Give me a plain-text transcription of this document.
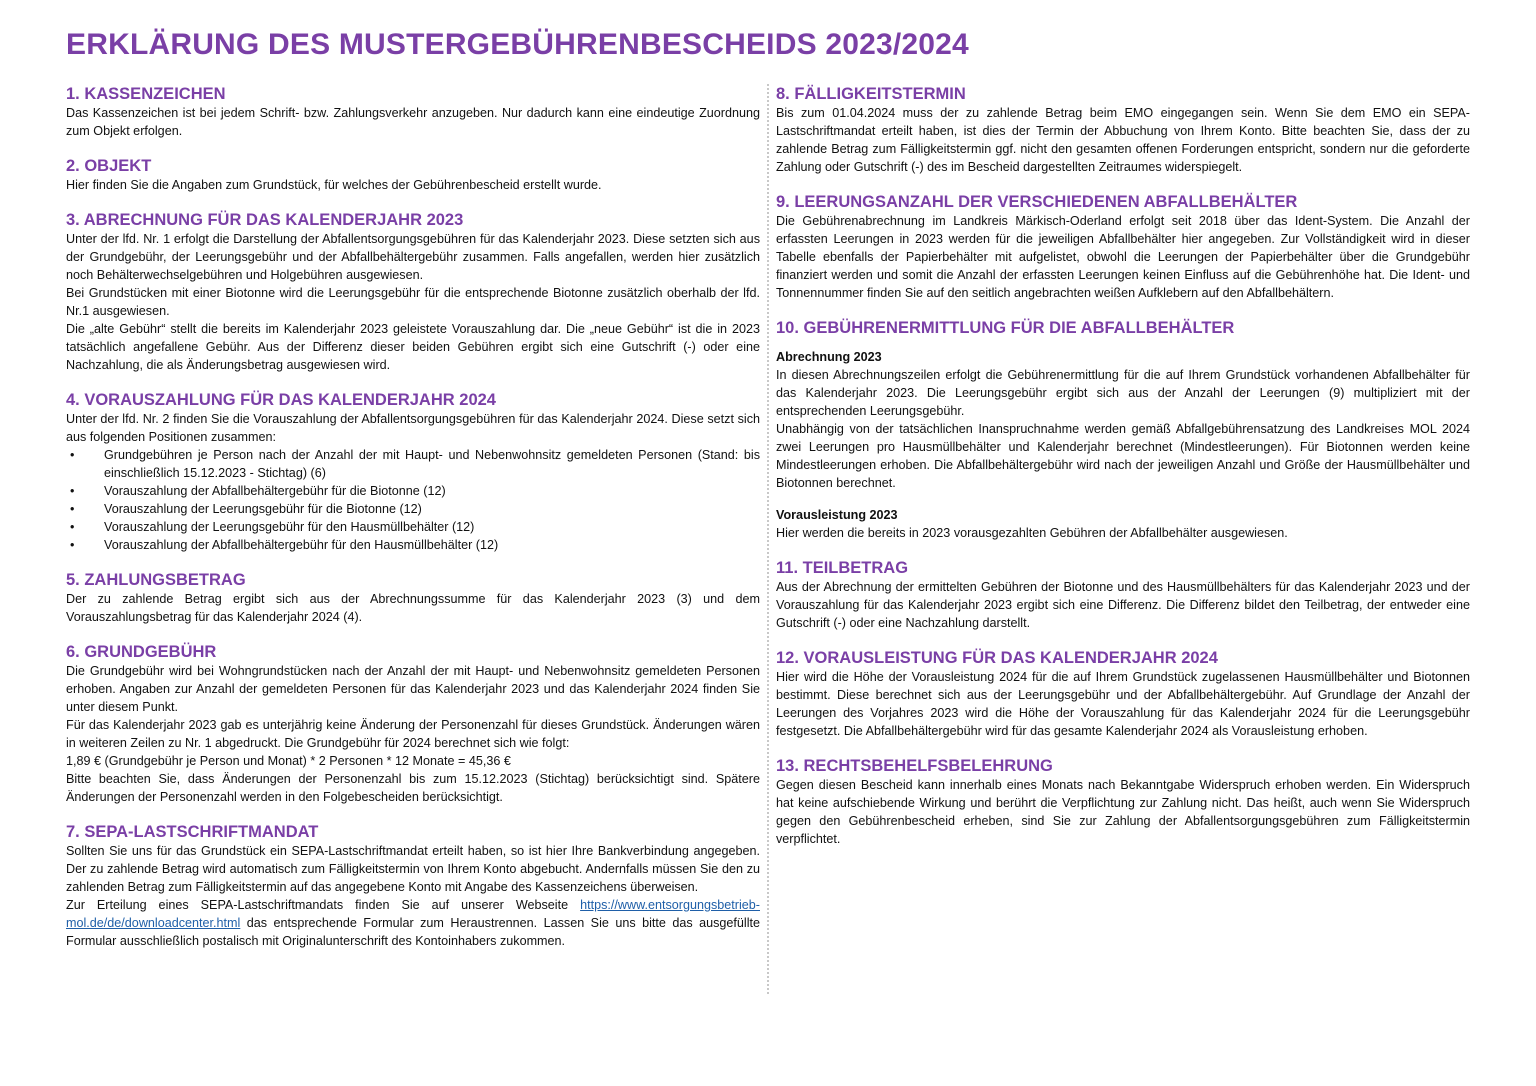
ERKLÄRUNG DES MUSTERGEBÜHRENBESCHEIDS 2023/2024
1. KASSENZEICHEN

Das Kassenzeichen ist bei jedem Schrift- bzw. Zahlungsverkehr anzugeben. Nur dadurch kann eine eindeutige Zuordnung zum Objekt erfolgen.

2. OBJEKT

Hier finden Sie die Angaben zum Grundstück, für welches der Gebührenbescheid erstellt wurde.

3. ABRECHNUNG FÜR DAS KALENDERJAHR 2023

Unter der lfd. Nr. 1 erfolgt die Darstellung der Abfallentsorgungsgebühren für das Kalenderjahr 2023. Diese setzten sich aus der Grundgebühr, der Leerungsgebühr und der Abfallbehältergebühr zusammen. Falls angefallen, werden hier zusätzlich noch Behälterwechselgebühren und Holgebühren ausgewiesen.

Bei Grundstücken mit einer Biotonne wird die Leerungsgebühr für die entsprechende Biotonne zusätzlich oberhalb der lfd. Nr.1 ausgewiesen.

Die „alte Gebühr“ stellt die bereits im Kalenderjahr 2023 geleistete Vorauszahlung dar. Die „neue Gebühr“ ist die in 2023 tatsächlich angefallene Gebühr. Aus der Differenz dieser beiden Gebühren ergibt sich eine Gutschrift (-) oder eine Nachzahlung, die als Änderungsbetrag ausgewiesen wird.

4. VORAUSZAHLUNG FÜR DAS KALENDERJAHR 2024

Unter der lfd. Nr. 2 finden Sie die Vorauszahlung der Abfallentsorgungsgebühren für das Kalenderjahr 2024. Diese setzt sich aus folgenden Positionen zusammen:

• Grundgebühren je Person nach der Anzahl der mit Haupt- und Nebenwohnsitz gemeldeten Personen (Stand: bis einschließlich 15.12.2023 - Stichtag) (6)
• Vorauszahlung der Abfallbehältergebühr für die Biotonne (12)
• Vorauszahlung der Leerungsgebühr für die Biotonne (12)
• Vorauszahlung der Leerungsgebühr für den Hausmüllbehälter (12)
• Vorauszahlung der Abfallbehältergebühr für den Hausmüllbehälter (12)
5. ZAHLUNGSBETRAG

Der zu zahlende Betrag ergibt sich aus der Abrechnungssumme für das Kalenderjahr 2023 (3) und dem Vorauszahlungsbetrag für das Kalenderjahr 2024 (4).

6. GRUNDGEBÜHR

Die Grundgebühr wird bei Wohngrundstücken nach der Anzahl der mit Haupt- und Nebenwohnsitz gemeldeten Personen erhoben. Angaben zur Anzahl der gemeldeten Personen für das Kalenderjahr 2023 und das Kalenderjahr 2024 finden Sie unter diesem Punkt.

Für das Kalenderjahr 2023 gab es unterjährig keine Änderung der Personenzahl für dieses Grundstück. Änderungen wären in weiteren Zeilen zu Nr. 1 abgedruckt. Die Grundgebühr für 2024 berechnet sich wie folgt:

1,89 € (Grundgebühr je Person und Monat) * 2 Personen * 12 Monate = 45,36 €

Bitte beachten Sie, dass Änderungen der Personenzahl bis zum 15.12.2023 (Stichtag) berücksichtigt sind. Spätere Änderungen der Personenzahl werden in den Folgebescheiden berücksichtigt.

7. SEPA-LASTSCHRIFTMANDAT

Sollten Sie uns für das Grundstück ein SEPA-Lastschriftmandat erteilt haben, so ist hier Ihre Bankverbindung angegeben. Der zu zahlende Betrag wird automatisch zum Fälligkeitstermin von Ihrem Konto abgebucht. Andernfalls müssen Sie den zu zahlenden Betrag zum Fälligkeitstermin auf das angegebene Konto mit Angabe des Kassenzeichens überweisen.

Zur Erteilung eines SEPA-Lastschriftmandats finden Sie auf unserer Webseite https://www.entsorgungsbetrieb-mol.de/de/downloadcenter.html das entsprechende Formular zum Heraustrennen. Lassen Sie uns bitte das ausgefüllte Formular ausschließlich postalisch mit Originalunterschrift des Kontoinhabers zukommen.

8. FÄLLIGKEITSTERMIN

Bis zum 01.04.2024 muss der zu zahlende Betrag beim EMO eingegangen sein. Wenn Sie dem EMO ein SEPA-Lastschriftmandat erteilt haben, ist dies der Termin der Abbuchung von Ihrem Konto. Bitte beachten Sie, dass der zu zahlende Betrag zum Fälligkeitstermin ggf. nicht den gesamten offenen Forderungen entspricht, sondern nur die geforderte Zahlung oder Gutschrift (-) des im Bescheid dargestellten Zeitraumes widerspiegelt.

9. LEERUNGSANZAHL DER VERSCHIEDENEN ABFALLBEHÄLTER

Die Gebührenabrechnung im Landkreis Märkisch-Oderland erfolgt seit 2018 über das Ident-System. Die Anzahl der erfassten Leerungen in 2023 werden für die jeweiligen Abfallbehälter hier angegeben. Zur Vollständigkeit wird in dieser Tabelle ebenfalls der Papierbehälter mit aufgelistet, obwohl die Leerungen der Papierbehälter über die Grundgebühr finanziert werden und somit die Anzahl der erfassten Leerungen keinen Einfluss auf die Gebührenhöhe hat. Die Ident- und Tonnennummer finden Sie auf den seitlich angebrachten weißen Aufklebern auf den Abfallbehältern.

10. GEBÜHRENERMITTLUNG FÜR DIE ABFALLBEHÄLTER
Abrechnung 2023

In diesen Abrechnungszeilen erfolgt die Gebührenermittlung für die auf Ihrem Grundstück vorhandenen Abfallbehälter für das Kalenderjahr 2023. Die Leerungsgebühr ergibt sich aus der Anzahl der Leerungen (9) multipliziert mit der entsprechenden Leerungsgebühr.

Unabhängig von der tatsächlichen Inanspruchnahme werden gemäß Abfallgebührensatzung des Landkreises MOL 2024 zwei Leerungen pro Hausmüllbehälter und Kalenderjahr berechnet (Mindestleerungen). Für Biotonnen werden keine Mindestleerungen erhoben. Die Abfallbehältergebühr wird nach der jeweiligen Anzahl und Größe der Hausmüllbehälter und Biotonnen berechnet.

Vorausleistung 2023

Hier werden die bereits in 2023 vorausgezahlten Gebühren der Abfallbehälter ausgewiesen.

11. TEILBETRAG

Aus der Abrechnung der ermittelten Gebühren der Biotonne und des Hausmüllbehälters für das Kalenderjahr 2023 und der Vorauszahlung für das Kalenderjahr 2023 ergibt sich eine Differenz. Die Differenz bildet den Teilbetrag, der entweder eine Gutschrift (-) oder eine Nachzahlung darstellt.

12. VORAUSLEISTUNG FÜR DAS KALENDERJAHR 2024

Hier wird die Höhe der Vorausleistung 2024 für die auf Ihrem Grundstück zugelassenen Hausmüllbehälter und Biotonnen bestimmt. Diese berechnet sich aus der Leerungsgebühr und der Abfallbehältergebühr. Auf Grundlage der Anzahl der Leerungen des Vorjahres 2023 wird die Höhe der Vorauszahlung für das Kalenderjahr 2024 für die Leerungsgebühr festgesetzt. Die Abfallbehältergebühr wird für das gesamte Kalenderjahr 2024 als Vorausleistung erhoben.

13. RECHTSBEHELFSBELEHRUNG

Gegen diesen Bescheid kann innerhalb eines Monats nach Bekanntgabe Widerspruch erhoben werden. Ein Widerspruch hat keine aufschiebende Wirkung und berührt die Verpflichtung zur Zahlung nicht. Das heißt, auch wenn Sie Widerspruch gegen den Gebührenbescheid erheben, sind Sie zur Zahlung der Abfallentsorgungsgebühren zum Fälligkeitstermin verpflichtet.
